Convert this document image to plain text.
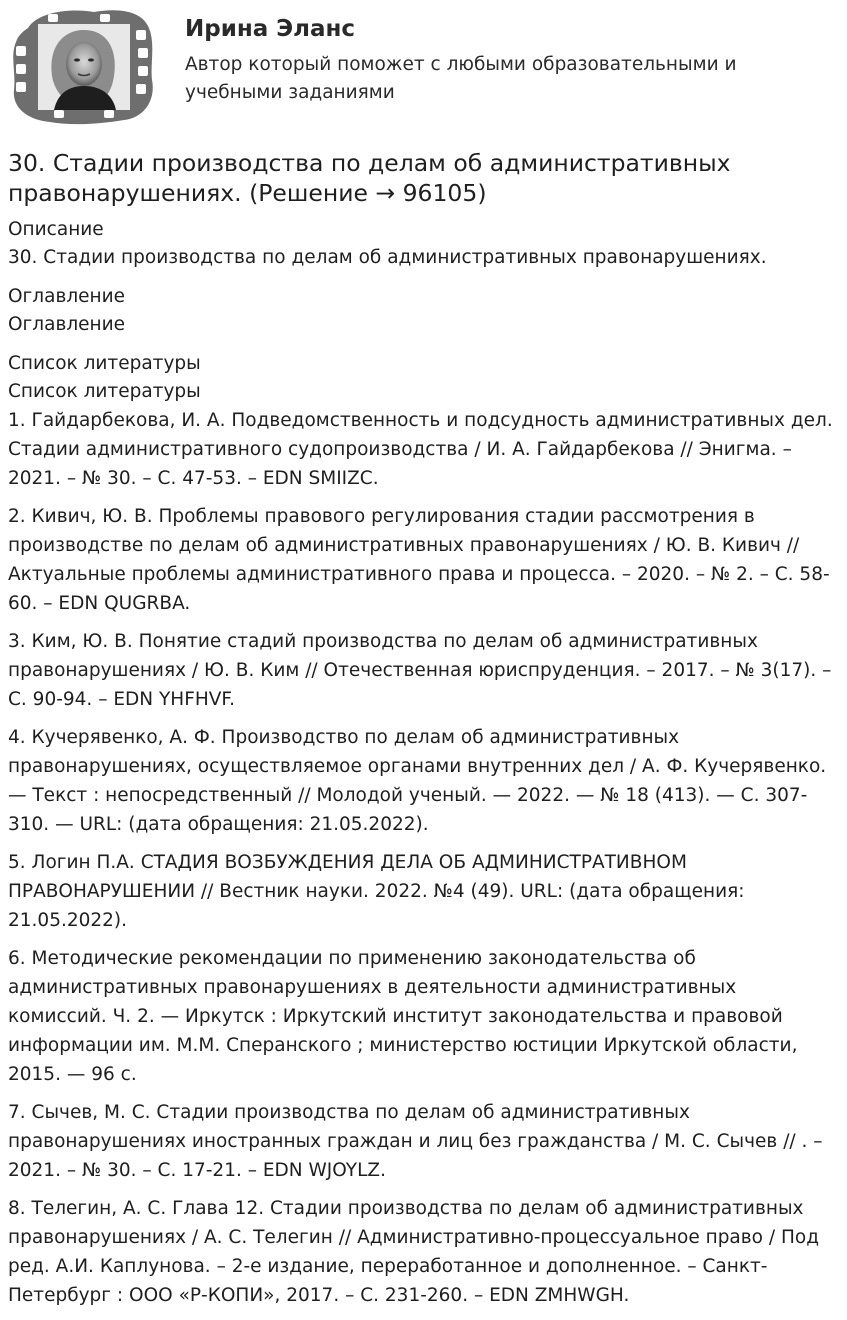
Ирина Эланс
Автор который поможет с любыми образовательными и учебными заданиями
30. Стадии производства по делам об административных правонарушениях. (Решение → 96105)
Описание
30. Стадии производства по делам об административных правонарушениях.
Оглавление
Оглавление
Список литературы
Список литературы

1. Гайдарбекова, И. А. Подведомственность и подсудность административных дел. Стадии административного судопроизводства / И. А. Гайдарбекова // Энигма. – 2021. – № 30. – С. 47-53. – EDN SMIIZC.

2. Кивич, Ю. В. Проблемы правового регулирования стадии рассмотрения в производстве по делам об административных правонарушениях / Ю. В. Кивич // Актуальные проблемы административного права и процесса. – 2020. – № 2. – С. 58-60. – EDN QUGRBA.

3. Ким, Ю. В. Понятие стадий производства по делам об административных правонарушениях / Ю. В. Ким // Отечественная юриспруденция. – 2017. – № 3(17). – С. 90-94. – EDN YHFHVF.

4. Кучерявенко, А. Ф. Производство по делам об административных правонарушениях, осуществляемое органами внутренних дел / А. Ф. Кучерявенко. — Текст : непосредственный // Молодой ученый. — 2022. — № 18 (413). — С. 307-310. — URL: (дата обращения: 21.05.2022).

5. Логин П.А. СТАДИЯ ВОЗБУЖДЕНИЯ ДЕЛА ОБ АДМИНИСТРАТИВНОМ ПРАВОНАРУШЕНИИ // Вестник науки. 2022. №4 (49). URL: (дата обращения: 21.05.2022).

6. Методические рекомендации по применению законодательства об административных правонарушениях в деятельности административных комиссий. Ч. 2. — Иркутск : Иркутский институт законодательства и правовой информации им. М.М. Сперанского ; министерство юстиции Иркутской области, 2015. — 96 с.

7. Сычев, М. С. Стадии производства по делам об административных правонарушениях иностранных граждан и лиц без гражданства / М. С. Сычев // . – 2021. – № 30. – С. 17-21. – EDN WJOYLZ.

8. Телегин, А. С. Глава 12. Стадии производства по делам об административных правонарушениях / А. С. Телегин // Административно-процессуальное право / Под ред. А.И. Каплунова. – 2-е издание, переработанное и дополненное. – Санкт-Петербург : ООО «Р-КОПИ», 2017. – С. 231-260. – EDN ZMHWGH.
